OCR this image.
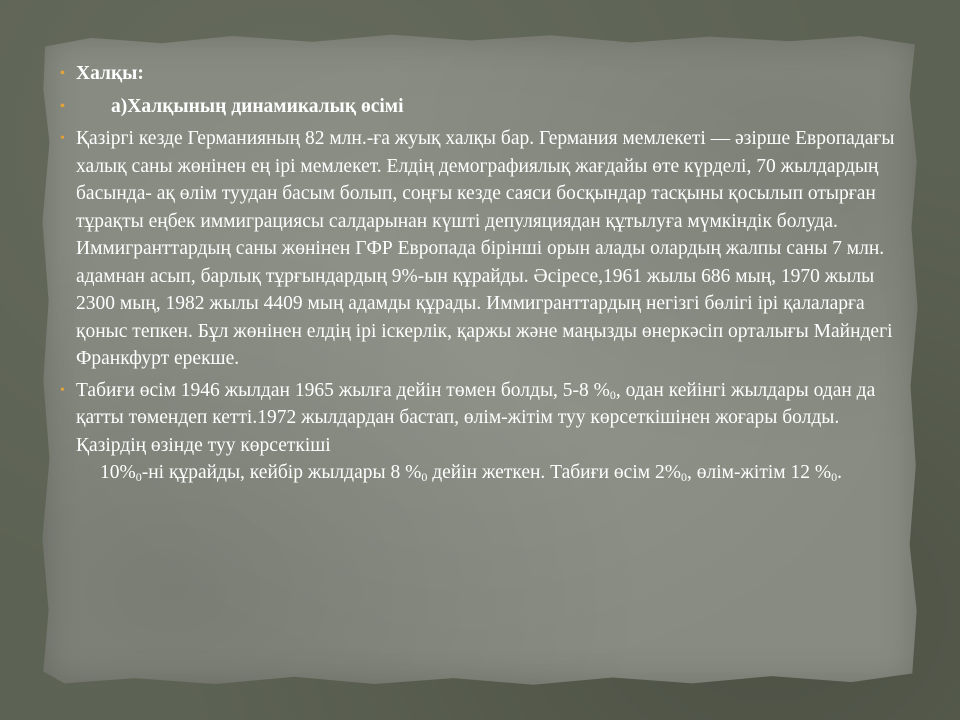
• Халқы:
• а)Халқының динамикалық өсімі
• Қазіргі кезде Германияның 82 млн.-ға жуық халқы бар. Германия мемлекеті — әзірше Европадағы халық саны жөнінен ең ірі мемлекет. Елдің демографиялық жағдайы өте күрделі, 70 жылдардың басында- ақ өлім туудан басым болып, соңғы кезде саяси босқындар тасқыны қосылып отырған тұрақты еңбек иммиграциясы салдарынан күшті депуляциядан құтылуға мүмкіндік болуда. Иммигранттардың саны жөнінен ГФР Европада бірінші орын алады олардың жалпы саны 7 млн. адамнан асып, барлық тұрғындардың 9%-ын құрайды. Әсіресе,1961 жылы 686 мың, 1970 жылы 2300 мың, 1982 жылы 4409 мың адамды құрады. Иммигранттардың негізгі бөлігі ірі қалаларға қоныс тепкен. Бұл жөнінен елдің ірі іскерлік, қаржы және маңызды өнеркәсіп орталығы Майндегі Франкфурт ерекше.
• Табиғи өсім 1946 жылдан 1965 жылға дейін төмен болды, 5-8 %0, одан кейінгі жылдары одан да қатты төмендеп кетті.1972 жылдардан бастап, өлім-жітім туу көрсеткішінен жоғары болды. Қазірдің өзінде туу көрсеткіші
10%0-ні құрайды, кейбір жылдары 8 %0 дейін жеткен. Табиғи өсім 2%0, өлім-жітім 12 %0.
